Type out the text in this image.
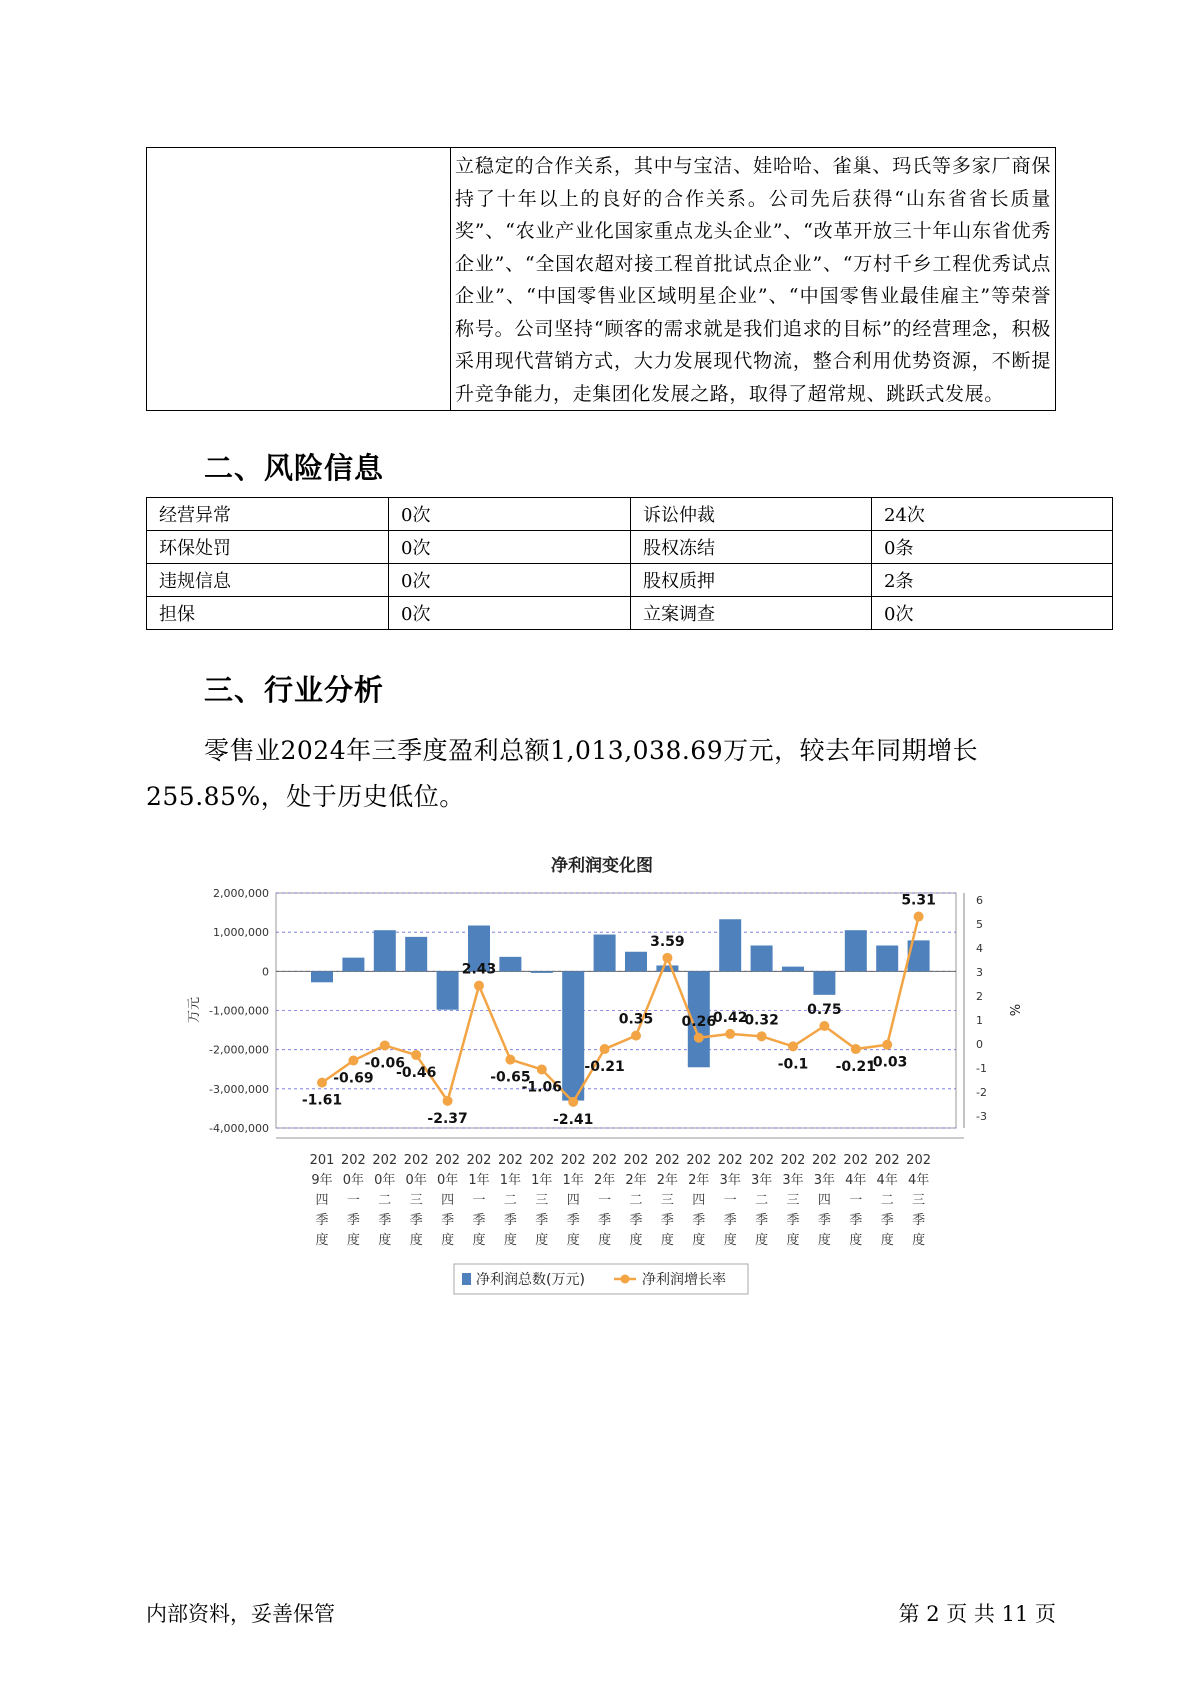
立稳定的合作关系，其中与宝洁、娃哈哈、雀巢、玛氏等多家厂商保持了十年以上的良好的合作关系。公司先后获得“山东省省长质量奖”、“农业产业化国家重点龙头企业”、“改革开放三十年山东省优秀企业”、“全国农超对接工程首批试点企业”、“万村千乡工程优秀试点企业”、“中国零售业区域明星企业”、“中国零售业最佳雇主”等荣誉称号。公司坚持“顾客的需求就是我们追求的目标”的经营理念，积极采用现代营销方式，大力发展现代物流，整合利用优势资源，不断提升竞争能力，走集团化发展之路，取得了超常规、跳跃式发展。
二、风险信息
经营异常	0次	诉讼仲裁	24次
环保处罚	0次	股权冻结	0条
违规信息	0次	股权质押	2条
担保	0次	立案调查	0次
三、行业分析

零售业2024年三季度盈利总额1,013,038.69万元，较去年同期增长255.85%，处于历史低位。

净利润变化图
2,000,000
1,000,000
0
-1,000,000
-2,000,000
-3,000,000
-4,000,000
6
5
4
3
2
1
0
-1
-2
-3
万元	%
-1.61
-0.69
-0.06
-0.46
-2.37
2.43
-0.65
-1.06
-2.41
-0.21
0.35
3.59
0.26
0.42
0.32
-0.1
0.75
-0.21
-0.03
5.31
201 9年四季度
202 0年一季度
202 0年二季度
202 0年三季度
202 0年四季度
202 1年一季度
202 1年二季度
202 1年三季度
202 1年四季度
202 2年一季度
202 2年二季度
202 2年三季度
202 2年四季度
202 3年一季度
202 3年二季度
202 3年三季度
202 3年四季度
202 4年一季度
202 4年二季度
202 4年三季度
净利润总数(万元)	净利润增长率
内部资料，妥善保管	第 2 页 共 11 页
